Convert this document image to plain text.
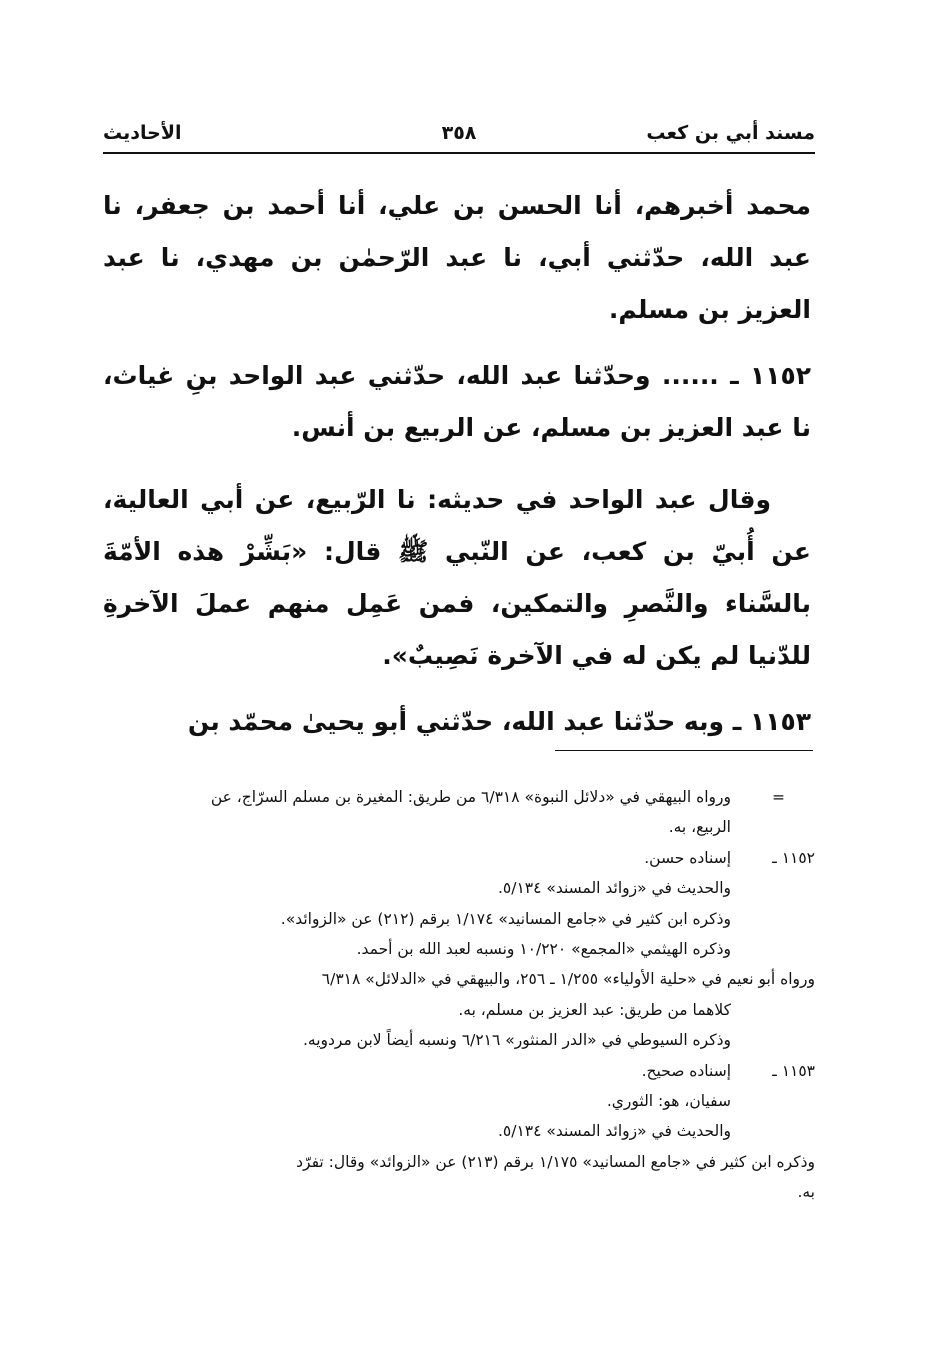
مسند أبي بن كعب
٣٥٨
الأحاديث

محمد أخبرهم، أنا الحسن بن علي، أنا أحمد بن جعفر، نا عبد الله، حدّثني أبي، نا عبد الرّحمٰن بن مهدي، نا عبد العزيز بن مسلم.

١١٥٢ ـ ...... وحدّثنا عبد الله، حدّثني عبد الواحد بنِ غياث، نا عبد العزيز بن مسلم، عن الربيع بن أنس.

وقال عبد الواحد في حديثه: نا الرّبيع، عن أبي العالية، عن أُبيّ بن كعب، عن النّبي ﷺ قال: «بَشِّرْ هذه الأمّةَ بالسَّناء والنَّصرِ والتمكين، فمن عَمِل منهم عملَ الآخرةِ للدّنيا لم يكن له في الآخرة نَصِيبٌ».

١١٥٣ ـ وبه حدّثنا عبد الله، حدّثني أبو يحيىٰ محمّد بن

=
ورواه البيهقي في «دلائل النبوة» ٦/٣١٨ من طريق: المغيرة بن مسلم السرّاج، عن
الربيع، به.
١١٥٢ ـ
إسناده حسن.
والحديث في «زوائد المسند» ٥/١٣٤.
وذكره ابن كثير في «جامع المسانيد» ١/١٧٤ برقم (٢١٢) عن «الزوائد».
وذكره الهيثمي «المجمع» ١٠/٢٢٠ ونسبه لعبد الله بن أحمد.
ورواه أبو نعيم في «حلية الأولياء» ١/٢٥٥ ـ ٢٥٦، والبيهقي في «الدلائل» ٦/٣١٨
كلاهما من طريق: عبد العزيز بن مسلم، به.
وذكره السيوطي في «الدر المنثور» ٦/٢١٦ ونسبه أيضاً لابن مردويه.
١١٥٣ ـ
إسناده صحيح.
سفيان، هو: الثوري.
والحديث في «زوائد المسند» ٥/١٣٤.
وذكره ابن كثير في «جامع المسانيد» ١/١٧٥ برقم (٢١٣) عن «الزوائد» وقال: تفرّد
به.
